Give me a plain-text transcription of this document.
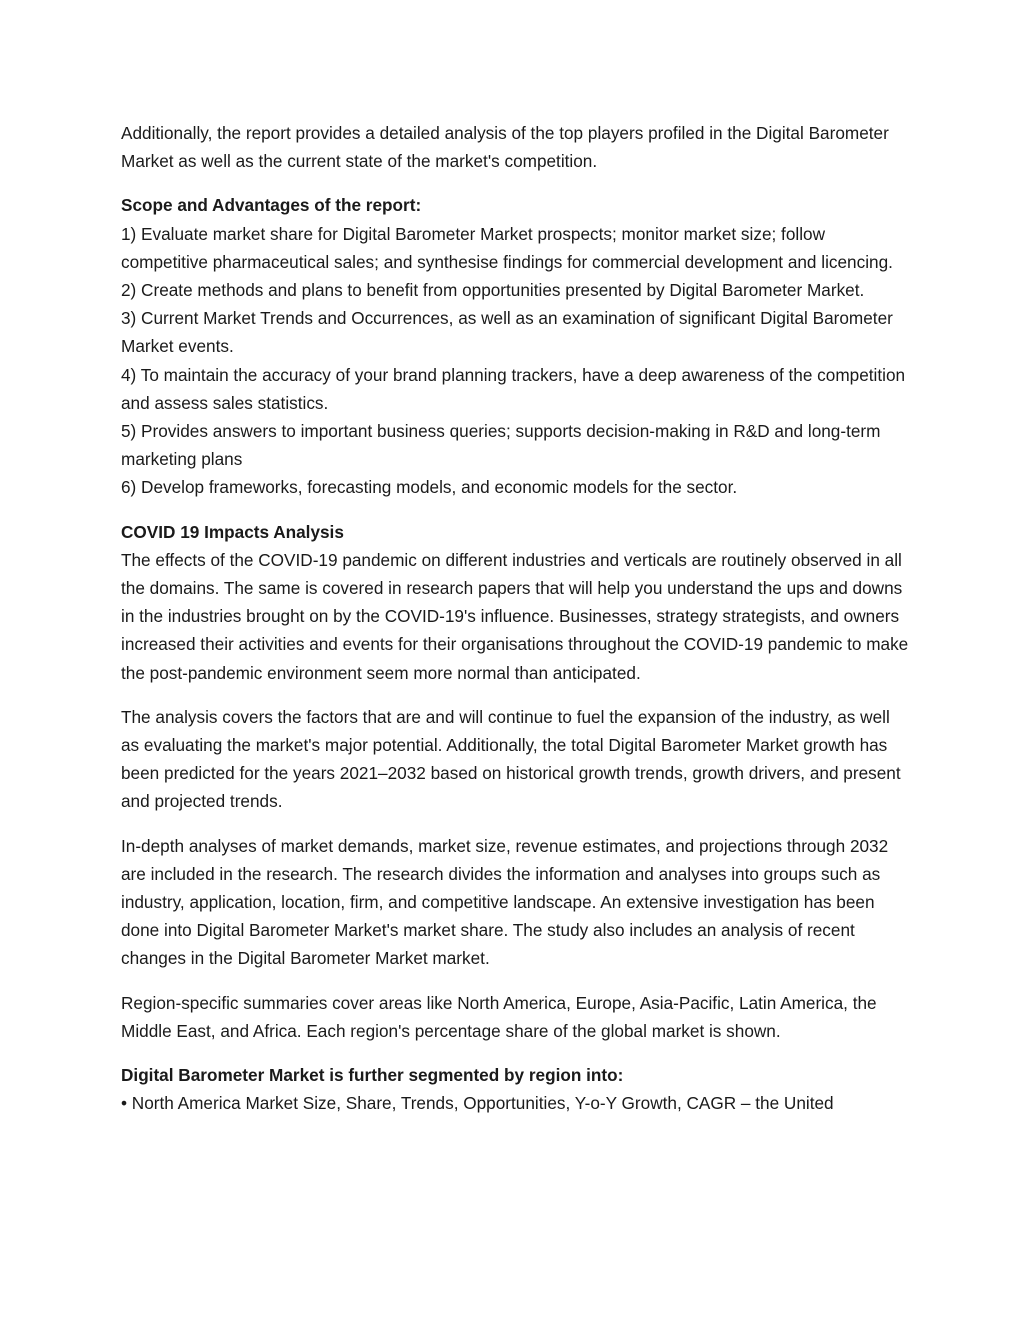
Additionally, the report provides a detailed analysis of the top players profiled in the Digital Barometer Market as well as the current state of the market's competition.

Scope and Advantages of the report:
1) Evaluate market share for Digital Barometer Market prospects; monitor market size; follow competitive pharmaceutical sales; and synthesise findings for commercial development and licencing.
2) Create methods and plans to benefit from opportunities presented by Digital Barometer Market.
3) Current Market Trends and Occurrences, as well as an examination of significant Digital Barometer Market events.
4) To maintain the accuracy of your brand planning trackers, have a deep awareness of the competition and assess sales statistics.
5) Provides answers to important business queries; supports decision-making in R&D and long-term marketing plans
6) Develop frameworks, forecasting models, and economic models for the sector.
COVID 19 Impacts Analysis
The effects of the COVID-19 pandemic on different industries and verticals are routinely observed in all the domains. The same is covered in research papers that will help you understand the ups and downs in the industries brought on by the COVID-19's influence. Businesses, strategy strategists, and owners increased their activities and events for their organisations throughout the COVID-19 pandemic to make the post-pandemic environment seem more normal than anticipated.

The analysis covers the factors that are and will continue to fuel the expansion of the industry, as well as evaluating the market's major potential. Additionally, the total Digital Barometer Market growth has been predicted for the years 2021–2032 based on historical growth trends, growth drivers, and present and projected trends.

In-depth analyses of market demands, market size, revenue estimates, and projections through 2032 are included in the research. The research divides the information and analyses into groups such as industry, application, location, firm, and competitive landscape. An extensive investigation has been done into Digital Barometer Market's market share. The study also includes an analysis of recent changes in the Digital Barometer Market market.

Region-specific summaries cover areas like North America, Europe, Asia-Pacific, Latin America, the Middle East, and Africa. Each region's percentage share of the global market is shown.

Digital Barometer Market is further segmented by region into:
• North America Market Size, Share, Trends, Opportunities, Y-o-Y Growth, CAGR – the United
